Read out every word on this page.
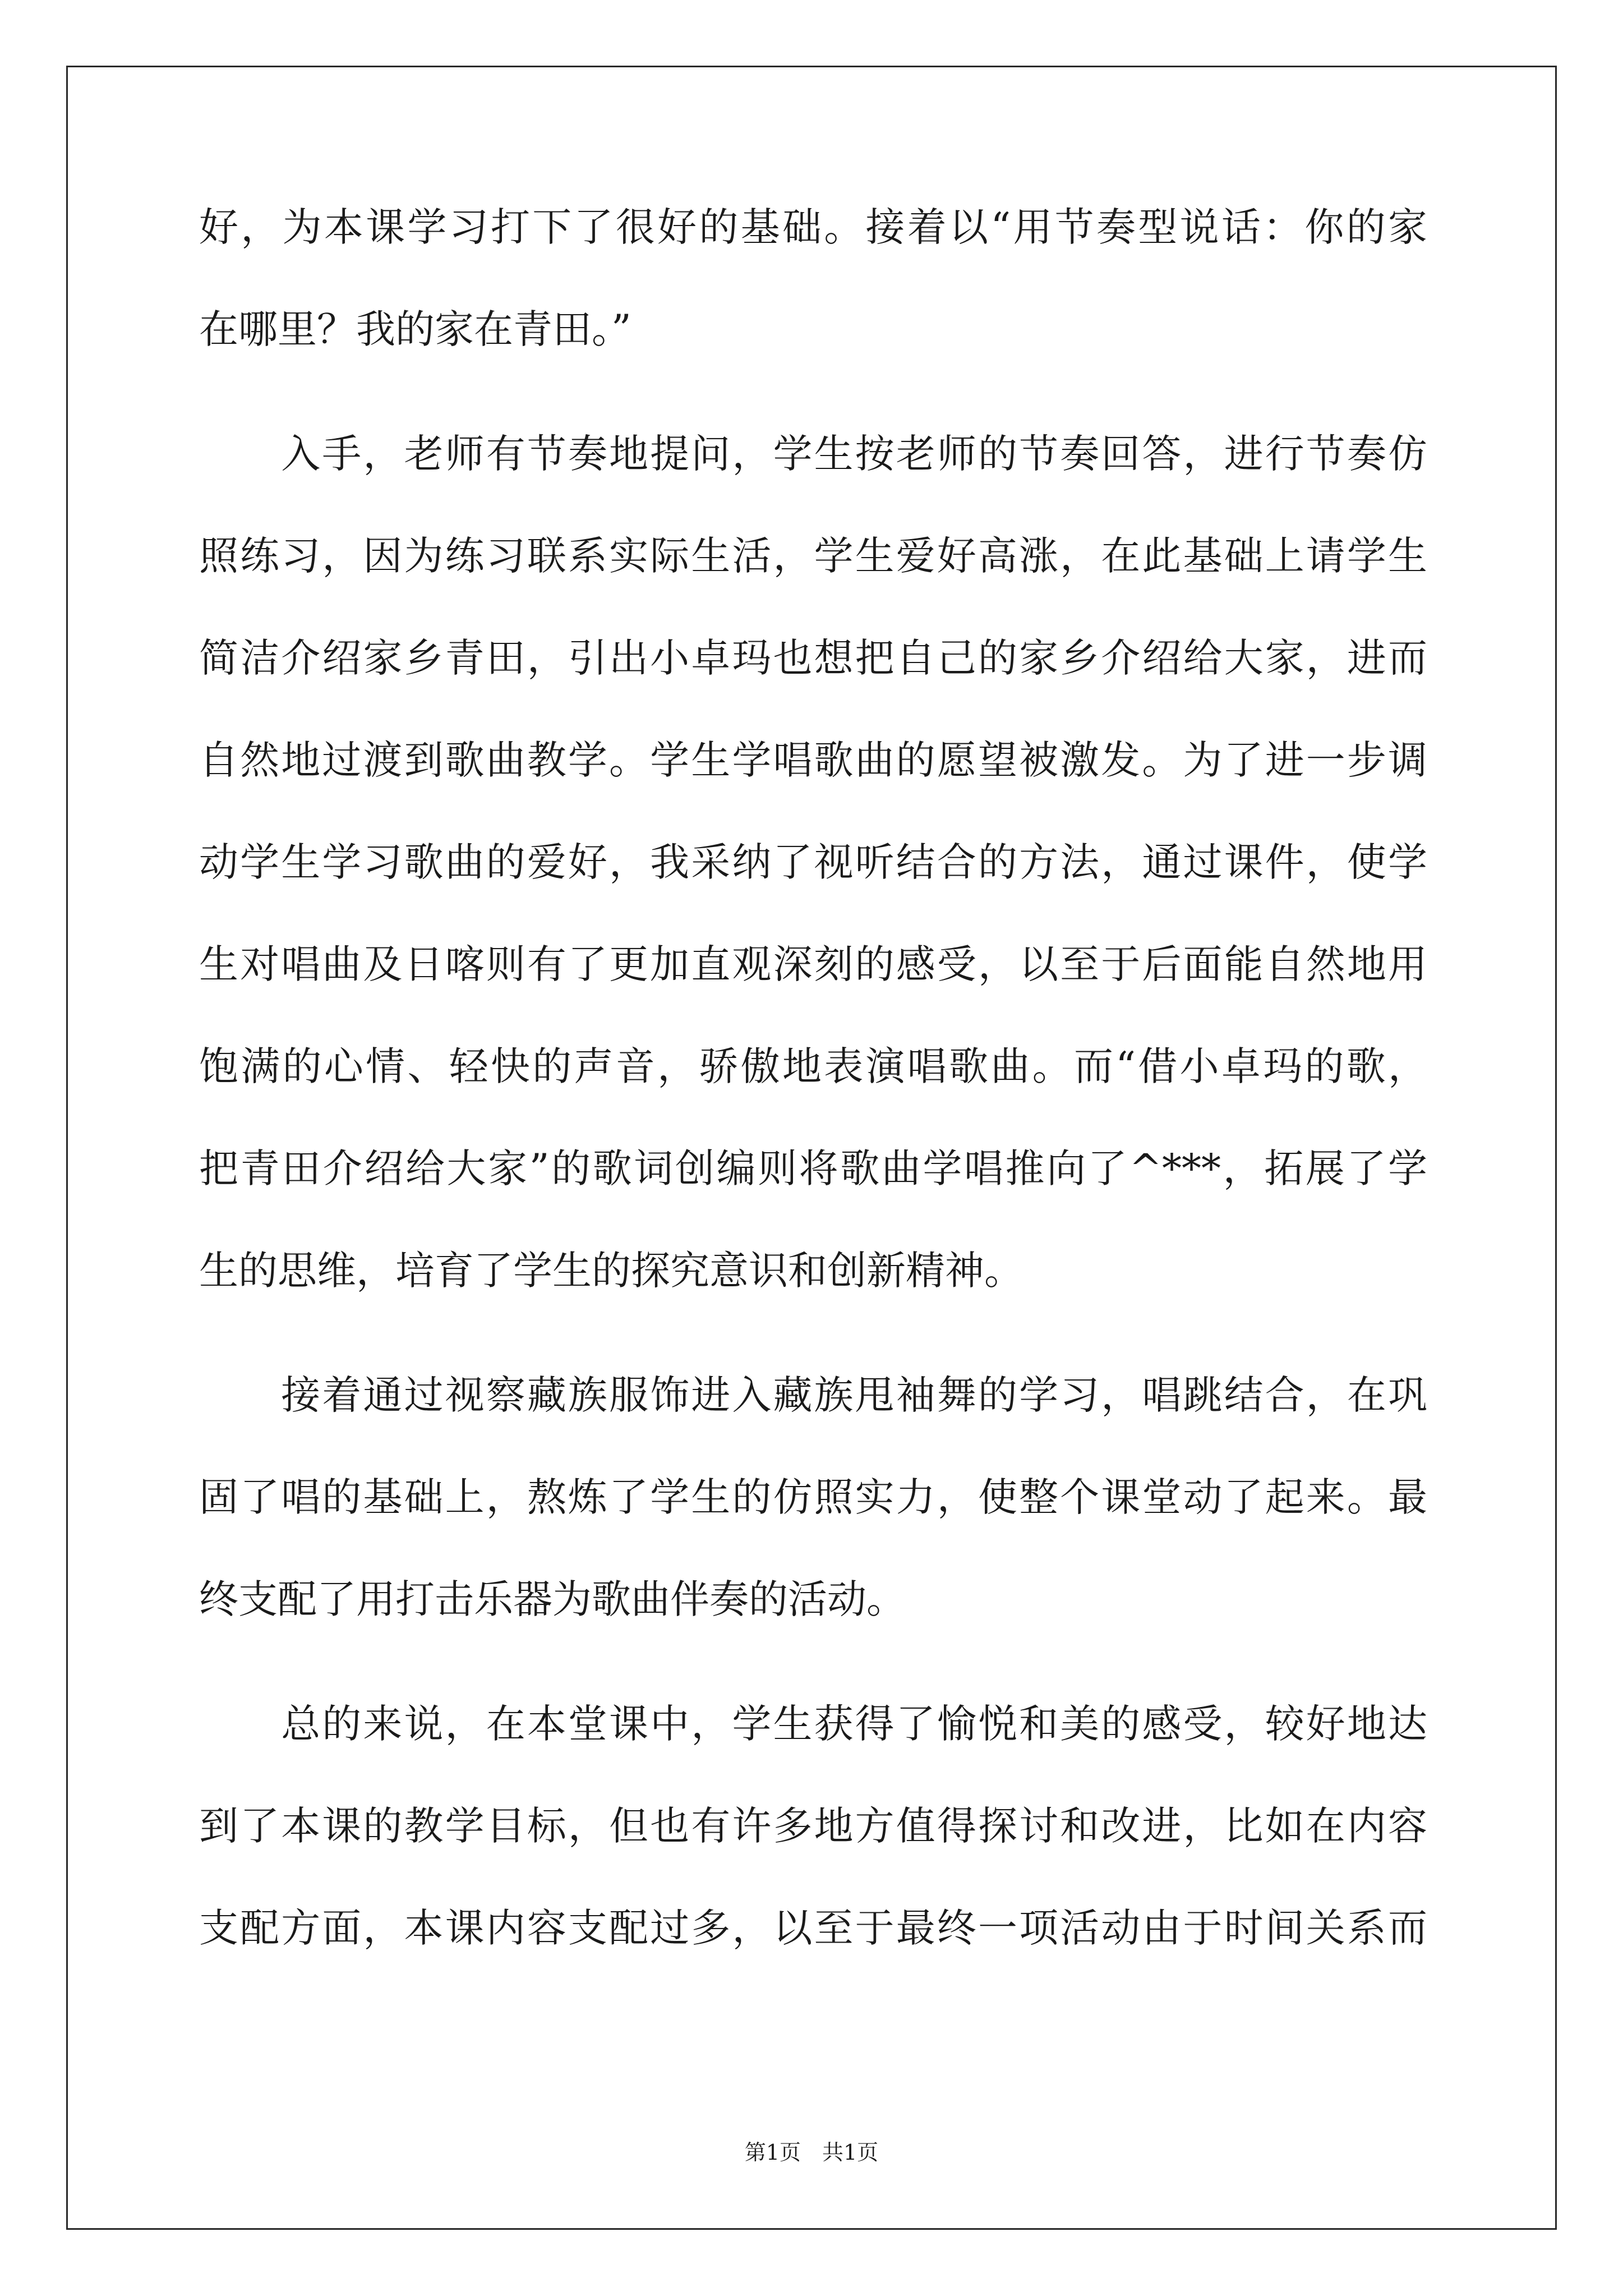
好，为本课学习打下了很好的基础。接着以“用节奏型说话：你的家
在哪里？我的家在青田。”
　　入手，老师有节奏地提问，学生按老师的节奏回答，进行节奏仿
照练习，因为练习联系实际生活，学生爱好高涨，在此基础上请学生
简洁介绍家乡青田，引出小卓玛也想把自己的家乡介绍给大家，进而
自然地过渡到歌曲教学。学生学唱歌曲的愿望被激发。为了进一步调
动学生学习歌曲的爱好，我采纳了视听结合的方法，通过课件，使学
生对唱曲及日喀则有了更加直观深刻的感受，以至于后面能自然地用
饱满的心情、轻快的声音，骄傲地表演唱歌曲。而“借小卓玛的歌，
把青田介绍给大家”的歌词创编则将歌曲学唱推向了^***，拓展了学
生的思维，培育了学生的探究意识和创新精神。
　　接着通过视察藏族服饰进入藏族甩袖舞的学习，唱跳结合，在巩
固了唱的基础上，熬炼了学生的仿照实力，使整个课堂动了起来。最
终支配了用打击乐器为歌曲伴奏的活动。
　　总的来说，在本堂课中，学生获得了愉悦和美的感受，较好地达
到了本课的教学目标，但也有许多地方值得探讨和改进，比如在内容
支配方面，本课内容支配过多，以至于最终一项活动由于时间关系而
第1页　共1页
